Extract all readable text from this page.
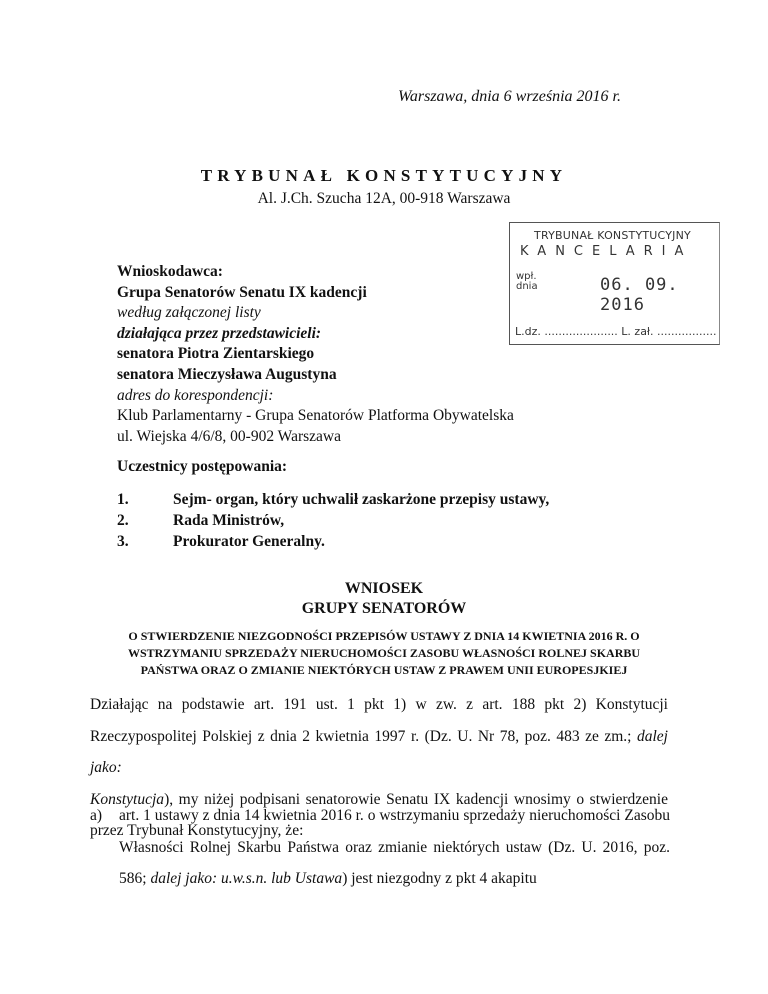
Warszawa, dnia 6 września 2016 r.
TRYBUNAŁ KONSTYTUCYJNY
Al. J.Ch. Szucha 12A, 00-918 Warszawa
TRYBUNAŁ KONSTYTUCYJNY
KANCELARIA
wpł.
dnia	06. 09. 2016
L.dz. ..................... L. zał. .................
Wnioskodawca:
Grupa Senatorów Senatu IX kadencji
według załączonej listy
działająca przez przedstawicieli:
senatora Piotra Zientarskiego
senatora Mieczysława Augustyna
adres do korespondencji:
Klub Parlamentarny - Grupa Senatorów Platforma Obywatelska
ul. Wiejska 4/6/8, 00-902 Warszawa
Uczestnicy postępowania:
1.	Sejm- organ, który uchwalił zaskarżone przepisy ustawy,
2.	Rada Ministrów,
3.	Prokurator Generalny.
WNIOSEK
GRUPY SENATORÓW
O STWIERDZENIE NIEZGODNOŚCI PRZEPISÓW USTAWY Z DNIA 14 KWIETNIA 2016 R. O
WSTRZYMANIU SPRZEDAŻY NIERUCHOMOŚCI ZASOBU WŁASNOŚCI ROLNEJ SKARBU
PAŃSTWA ORAZ O ZMIANIE NIEKTÓRYCH USTAW Z PRAWEM UNII EUROPESJKIEJ
Działając na podstawie art. 191 ust. 1 pkt 1) w zw. z art. 188 pkt 2) Konstytucji
Rzeczypospolitej Polskiej z dnia 2 kwietnia 1997 r. (Dz. U. Nr 78, poz. 483 ze zm.; dalej jako:
Konstytucja), my niżej podpisani senatorowie Senatu IX kadencji wnosimy o stwierdzenie
przez Trybunał Konstytucyjny, że:
a) art. 1 ustawy z dnia 14 kwietnia 2016 r. o wstrzymaniu sprzedaży nieruchomości Zasobu
Własności Rolnej Skarbu Państwa oraz zmianie niektórych ustaw (Dz. U. 2016, poz.
586; dalej jako: u.w.s.n. lub Ustawa) jest niezgodny z pkt 4 akapitu
